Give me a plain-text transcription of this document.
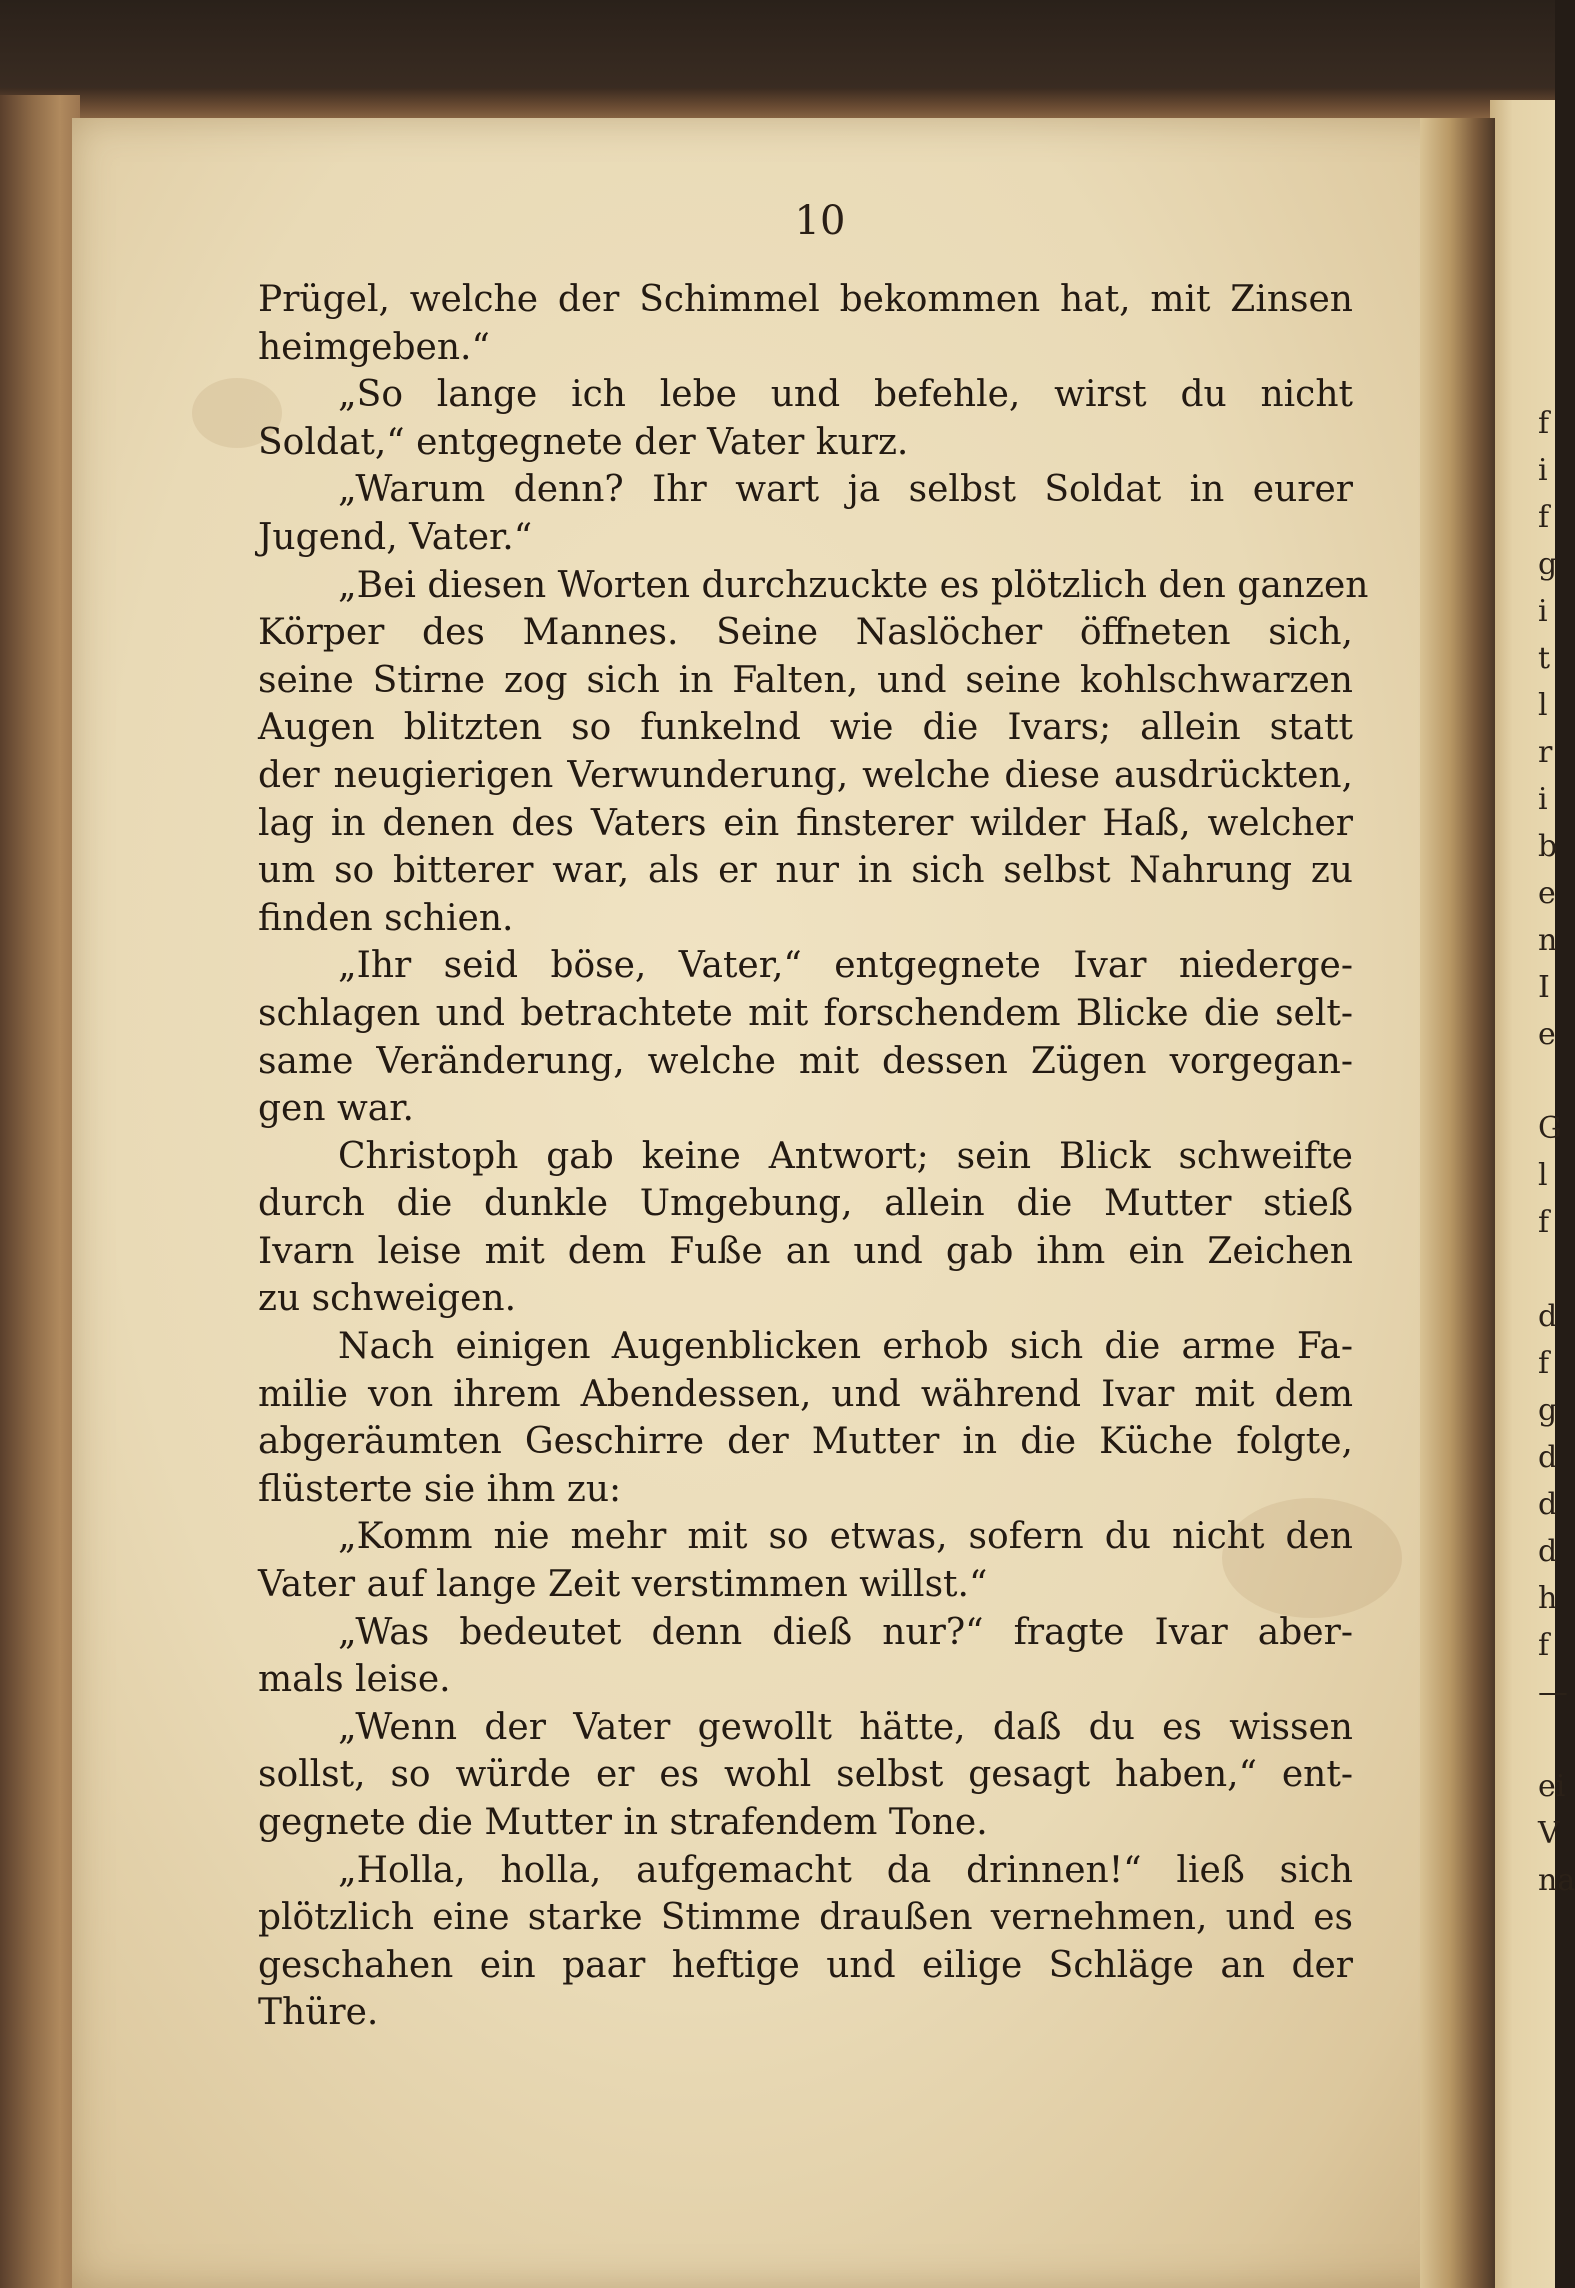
f
i
f
g
i
t
l
r
i
b
e
n
I
e
G
l
f
d
f
g
d
d
d
h
f
—
ei
V
na
10
Prügel, welche der Schimmel bekommen hat, mit Zinsen
heimgeben.“
„So lange ich lebe und befehle, wirst du nicht
Soldat,“ entgegnete der Vater kurz.
„Warum denn? Ihr wart ja selbst Soldat in eurer
Jugend, Vater.“
„Bei diesen Worten durchzuckte es plötzlich den ganzen
Körper des Mannes. Seine Naslöcher öffneten sich,
seine Stirne zog sich in Falten, und seine kohlschwarzen
Augen blitzten so funkelnd wie die Ivars; allein statt
der neugierigen Verwunderung, welche diese ausdrückten,
lag in denen des Vaters ein finsterer wilder Haß, welcher
um so bitterer war, als er nur in sich selbst Nahrung zu
finden schien.
„Ihr seid böse, Vater,“ entgegnete Ivar niederge-
schlagen und betrachtete mit forschendem Blicke die selt-
same Veränderung, welche mit dessen Zügen vorgegan-
gen war.
Christoph gab keine Antwort; sein Blick schweifte
durch die dunkle Umgebung, allein die Mutter stieß
Ivarn leise mit dem Fuße an und gab ihm ein Zeichen
zu schweigen.
Nach einigen Augenblicken erhob sich die arme Fa-
milie von ihrem Abendessen, und während Ivar mit dem
abgeräumten Geschirre der Mutter in die Küche folgte,
flüsterte sie ihm zu:
„Komm nie mehr mit so etwas, sofern du nicht den
Vater auf lange Zeit verstimmen willst.“
„Was bedeutet denn dieß nur?“ fragte Ivar aber-
mals leise.
„Wenn der Vater gewollt hätte, daß du es wissen
sollst, so würde er es wohl selbst gesagt haben,“ ent-
gegnete die Mutter in strafendem Tone.
„Holla, holla, aufgemacht da drinnen!“ ließ sich
plötzlich eine starke Stimme draußen vernehmen, und es
geschahen ein paar heftige und eilige Schläge an der
Thüre.
